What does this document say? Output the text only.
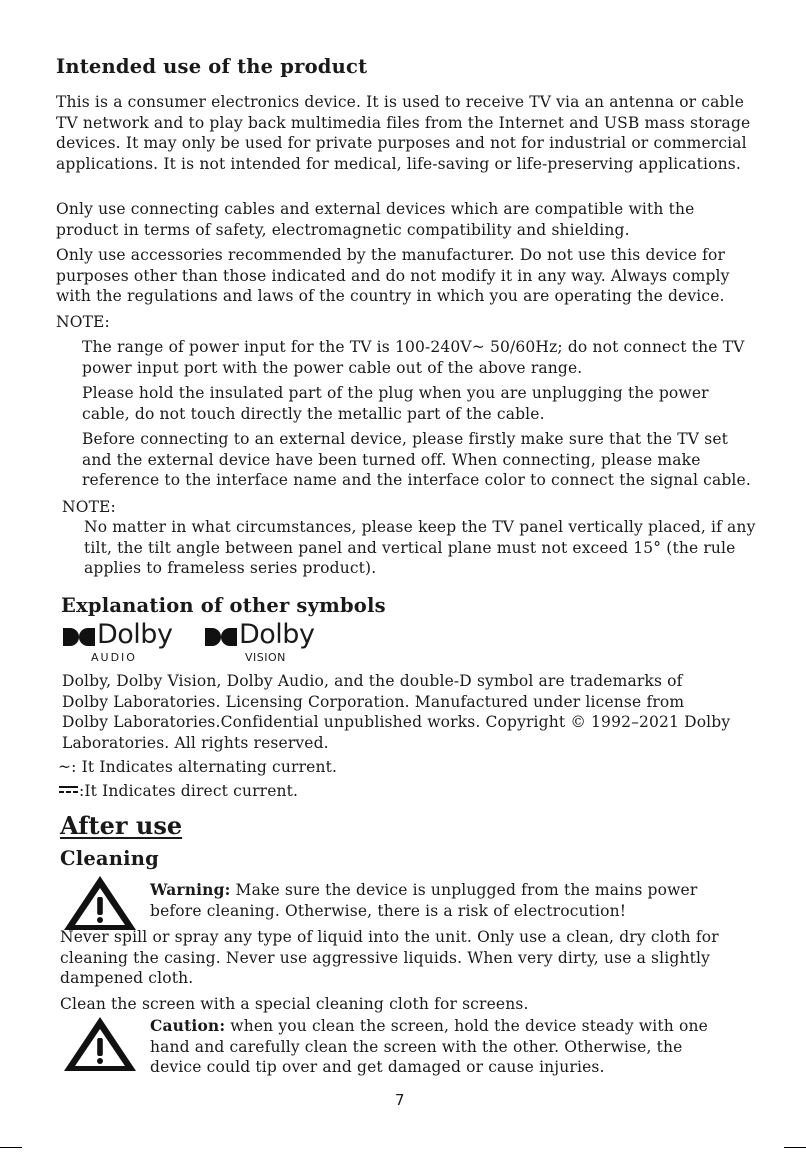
Intended use of the product
This is a consumer electronics device. It is used to receive TV via an antenna or cable TV network and to play back multimedia files from the Internet and USB mass storage devices. It may only be used for private purposes and not for industrial or commercial applications. It is not intended for medical, life-saving or life-preserving applications.
Only use connecting cables and external devices which are compatible with the product in terms of safety, electromagnetic compatibility and shielding.
Only use accessories recommended by the manufacturer. Do not use this device for purposes other than those indicated and do not modify it in any way. Always comply with the regulations and laws of the country in which you are operating the device.
NOTE:
The range of power input for the TV is 100-240V~ 50/60Hz; do not connect the TV power input port with the power cable out of the above range.
Please hold the insulated part of the plug when you are unplugging the power cable, do not touch directly the metallic part of the cable.
Before connecting to an external device, please firstly make sure that the TV set and the external device have been turned off. When connecting, please make reference to the interface name and the interface color to connect the signal cable.
NOTE:
No matter in what circumstances, please keep the TV panel vertically placed, if any tilt, the tilt angle between panel and vertical plane must not exceed 15° (the rule applies to frameless series product).
Explanation of other symbols
Dolby
AUDIO
Dolby
VISION
Dolby, Dolby Vision, Dolby Audio, and the double-D symbol are trademarks of Dolby Laboratories. Licensing Corporation. Manufactured under license from Dolby Laboratories.Confidential unpublished works. Copyright © 1992–2021 Dolby Laboratories. All rights reserved.
~: It Indicates alternating current.
:It Indicates direct current.
After use
Cleaning
Warning: Make sure the device is unplugged from the mains power before cleaning. Otherwise, there is a risk of electrocution!
Never spill or spray any type of liquid into the unit. Only use a clean, dry cloth for cleaning the casing. Never use aggressive liquids. When very dirty, use a slightly dampened cloth.
Clean the screen with a special cleaning cloth for screens.
Caution: when you clean the screen, hold the device steady with one hand and carefully clean the screen with the other. Otherwise, the device could tip over and get damaged or cause injuries.
7
